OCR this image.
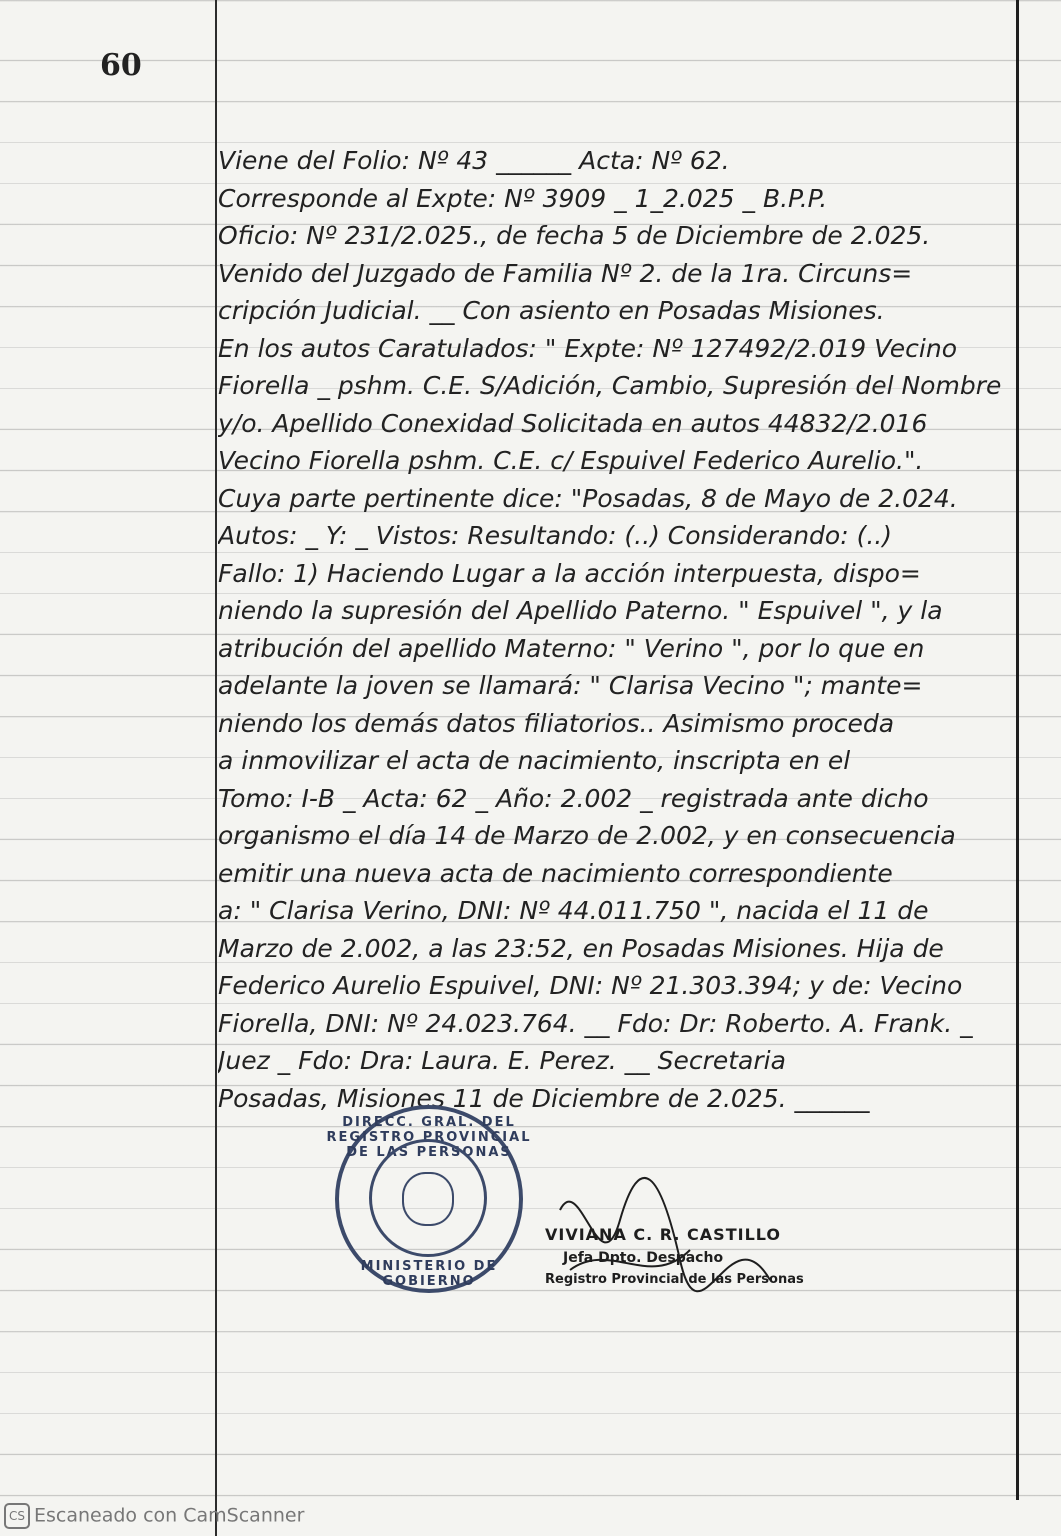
60
Viene del Folio: Nº 43 ______ Acta: Nº 62.
Corresponde al Expte: Nº 3909 _ 1_2.025 _ B.P.P.
Oficio: Nº 231/2.025., de fecha 5 de Diciembre de 2.025.
Venido del Juzgado de Familia Nº 2. de la 1ra. Circuns=
cripción Judicial. __ Con asiento en Posadas Misiones.
En los autos Caratulados: " Expte: Nº 127492/2.019 Vecino
Fiorella _ pshm. C.E. S/Adición, Cambio, Supresión del Nombre
y/o. Apellido Conexidad Solicitada en autos 44832/2.016
Vecino Fiorella pshm. C.E. c/ Espuivel Federico Aurelio.".
Cuya parte pertinente dice: "Posadas, 8 de Mayo de 2.024.
Autos: _ Y: _ Vistos: Resultando: (..) Considerando: (..)
Fallo: 1) Haciendo Lugar a la acción interpuesta, dispo=
niendo la supresión del Apellido Paterno. " Espuivel ", y la
atribución del apellido Materno: " Verino ", por lo que en
adelante la joven se llamará: " Clarisa Vecino "; mante=
niendo los demás datos filiatorios.. Asimismo proceda
a inmovilizar el acta de nacimiento, inscripta en el
Tomo: I-B _ Acta: 62 _ Año: 2.002 _ registrada ante dicho
organismo el día 14 de Marzo de 2.002, y en consecuencia
emitir una nueva acta de nacimiento correspondiente
a: " Clarisa Verino, DNI: Nº 44.011.750 ", nacida el 11 de
Marzo de 2.002, a las 23:52, en Posadas Misiones. Hija de
Federico Aurelio Espuivel, DNI: Nº 21.303.394; y de: Vecino
Fiorella, DNI: Nº 24.023.764. __ Fdo: Dr: Roberto. A. Frank. _
Juez _ Fdo: Dra: Laura. E. Perez. __ Secretaria
Posadas, Misiones 11 de Diciembre de 2.025. ______
DIRECC. GRAL. DEL REGISTRO PROVINCIAL DE LAS PERSONAS
MINISTERIO DE GOBIERNO
VIVIANA C. R. CASTILLO
Jefa Dpto. Despacho
Registro Provincial de las Personas
CS Escaneado con CamScanner
